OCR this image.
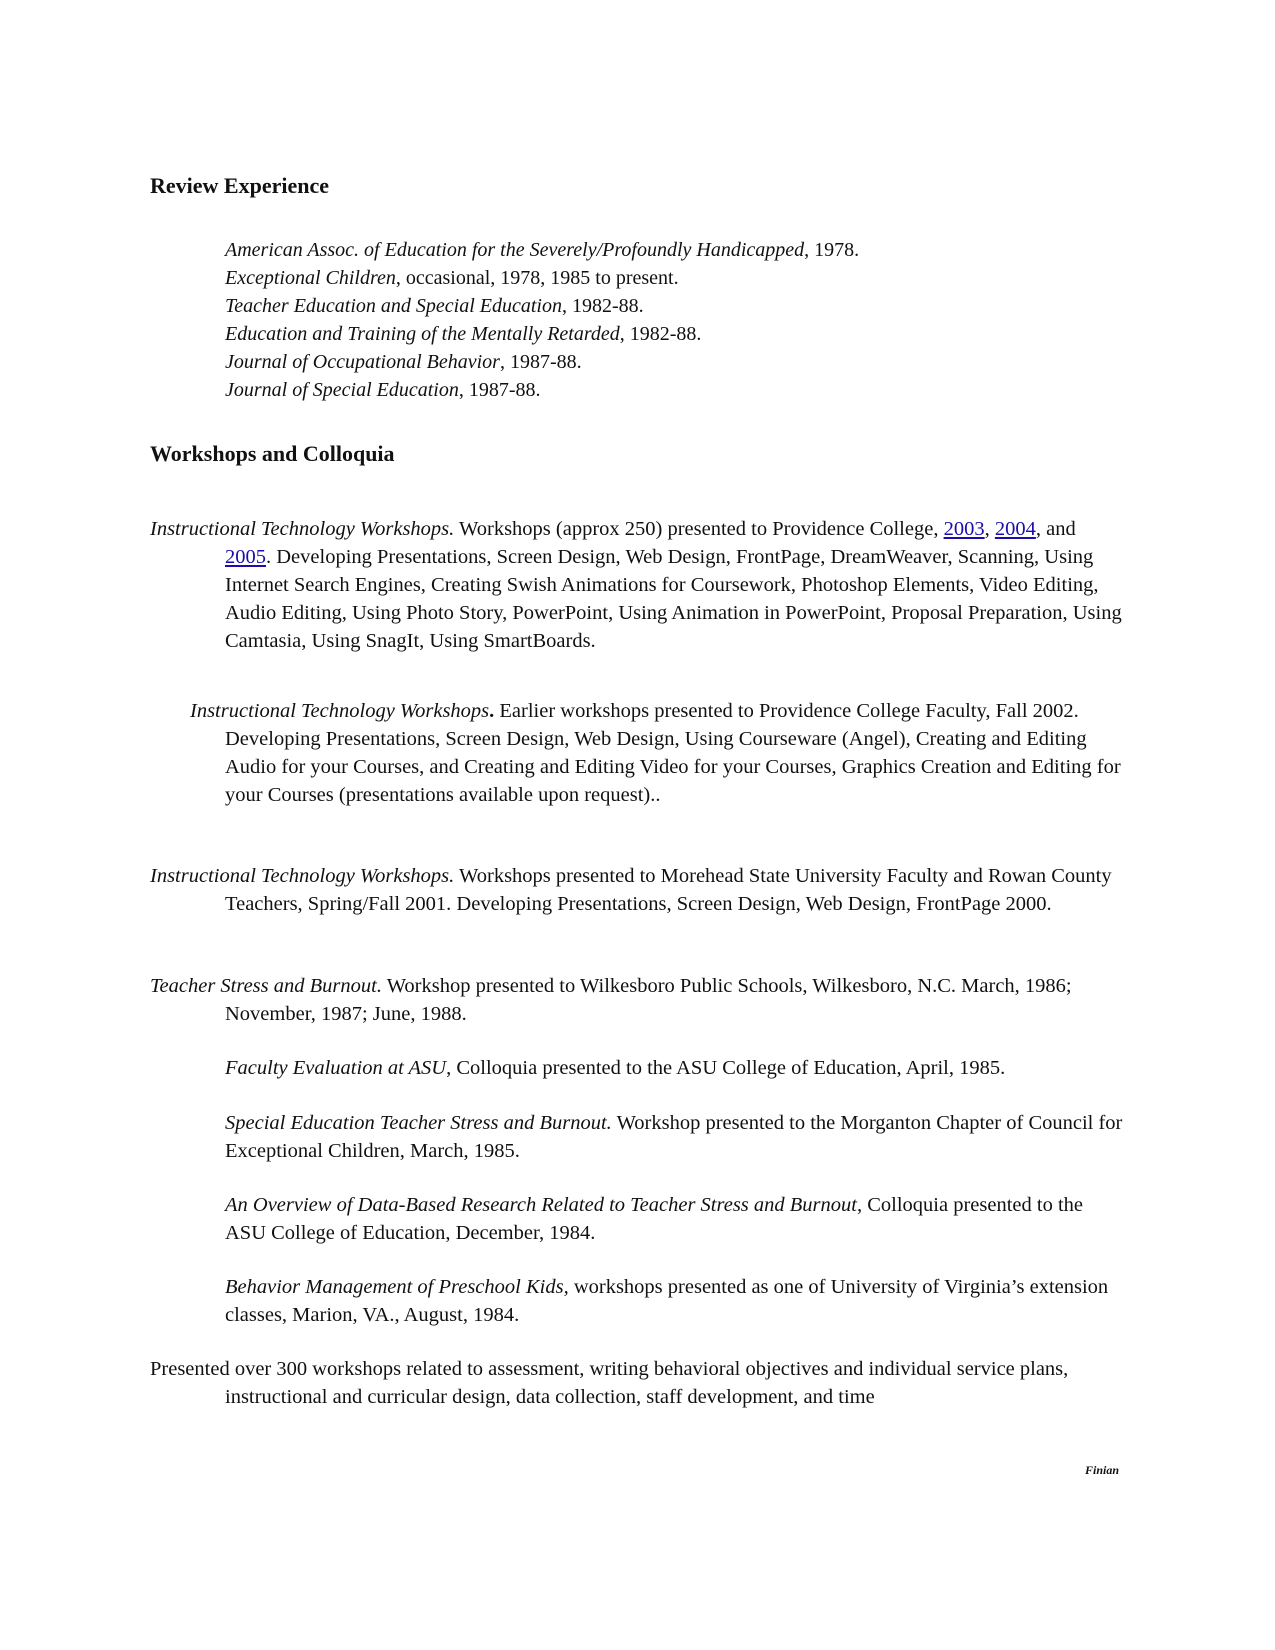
Review Experience
American Assoc. of Education for the Severely/Profoundly Handicapped, 1978.
Exceptional Children, occasional, 1978, 1985 to present.
Teacher Education and Special Education, 1982-88.
Education and Training of the Mentally Retarded, 1982-88.
Journal of Occupational Behavior, 1987-88.
Journal of Special Education, 1987-88.
Workshops and Colloquia

Instructional Technology Workshops. Workshops (approx 250) presented to Providence College, 2003, 2004, and 2005. Developing Presentations, Screen Design, Web Design, FrontPage, DreamWeaver, Scanning, Using Internet Search Engines, Creating Swish Animations for Coursework, Photoshop Elements, Video Editing, Audio Editing, Using Photo Story, PowerPoint, Using Animation in PowerPoint, Proposal Preparation, Using Camtasia, Using SnagIt, Using SmartBoards.

Instructional Technology Workshops. Earlier workshops presented to Providence College Faculty, Fall 2002. Developing Presentations, Screen Design, Web Design, Using Courseware (Angel), Creating and Editing Audio for your Courses, and Creating and Editing Video for your Courses, Graphics Creation and Editing for your Courses (presentations available upon request)..

Instructional Technology Workshops. Workshops presented to Morehead State University Faculty and Rowan County Teachers, Spring/Fall 2001. Developing Presentations, Screen Design, Web Design, FrontPage 2000.

Teacher Stress and Burnout. Workshop presented to Wilkesboro Public Schools, Wilkesboro, N.C. March, 1986; November, 1987; June, 1988.

Faculty Evaluation at ASU, Colloquia presented to the ASU College of Education, April, 1985.

Special Education Teacher Stress and Burnout. Workshop presented to the Morganton Chapter of Council for Exceptional Children, March, 1985.

An Overview of Data-Based Research Related to Teacher Stress and Burnout, Colloquia presented to the ASU College of Education, December, 1984.

Behavior Management of Preschool Kids, workshops presented as one of University of Virginia’s extension classes, Marion, VA., August, 1984.

Presented over 300 workshops related to assessment, writing behavioral objectives and individual service plans, instructional and curricular design, data collection, staff development, and time

Finian
